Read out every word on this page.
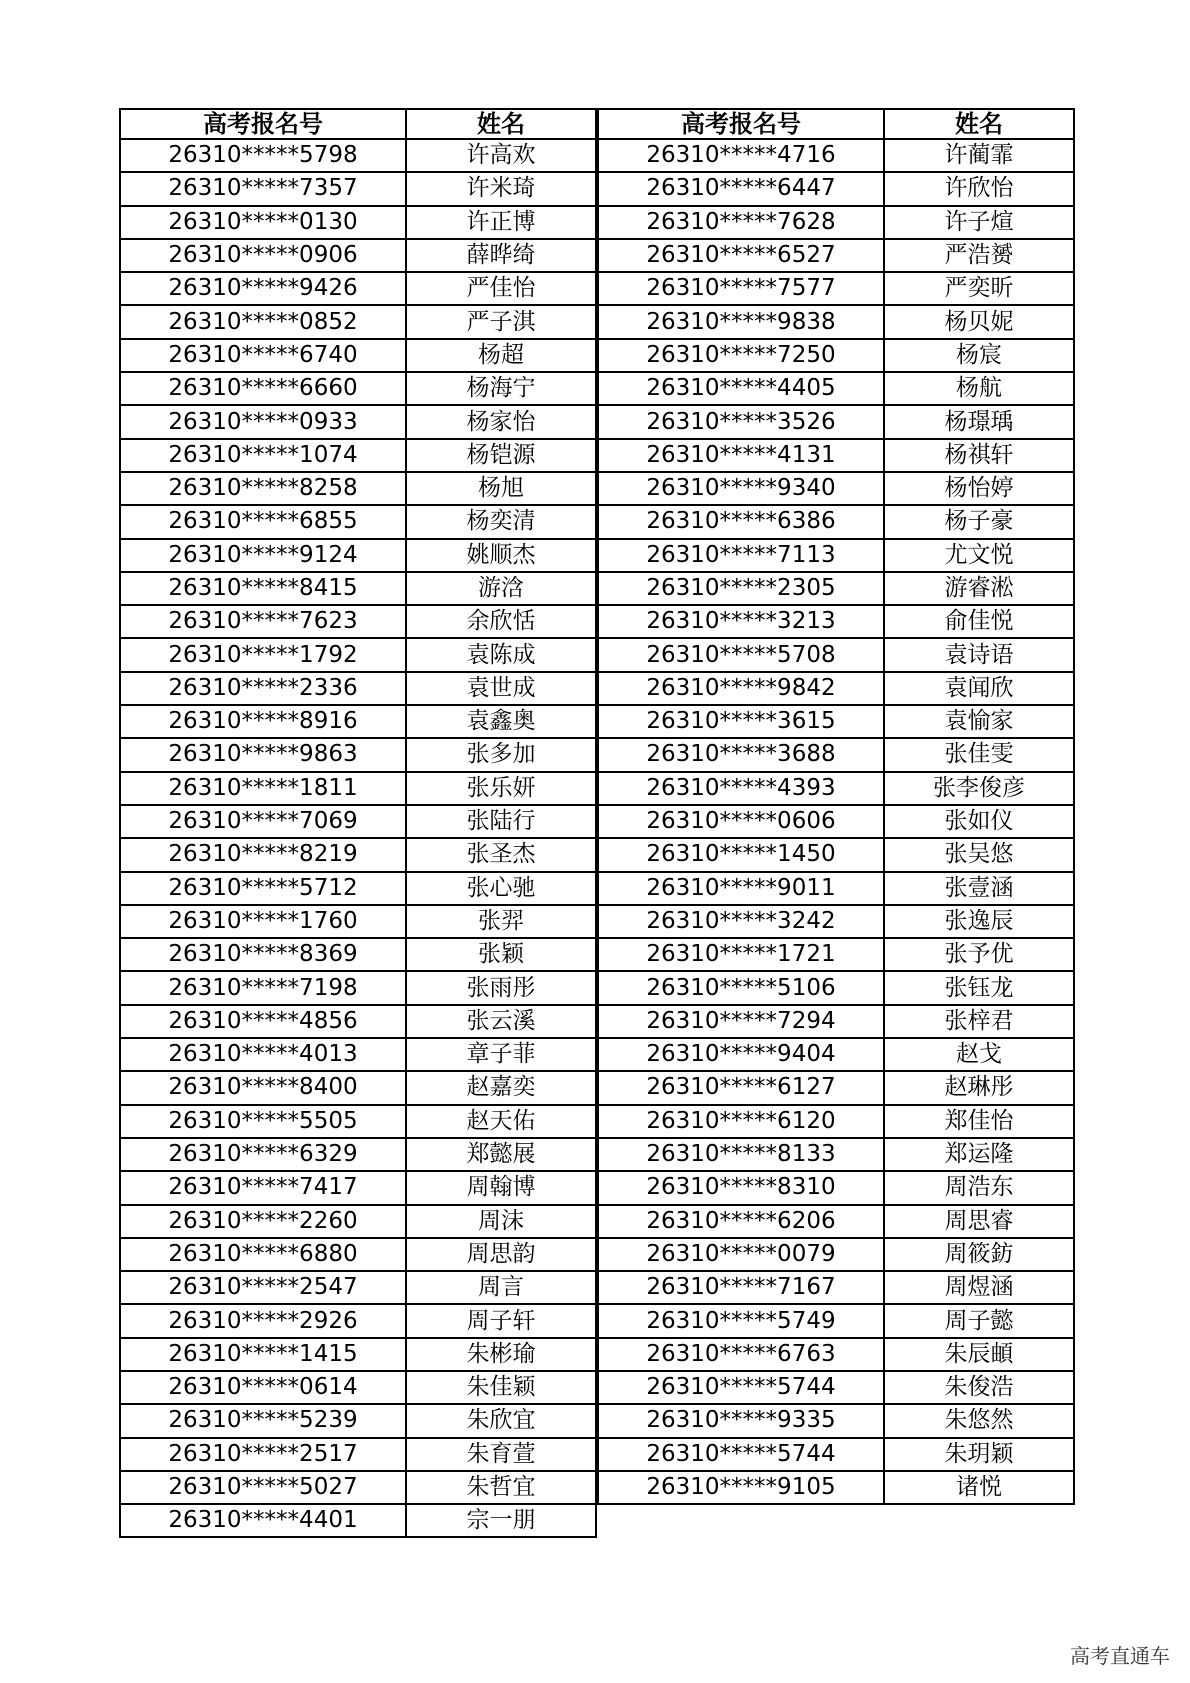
高考报名号	姓名	高考报名号	姓名
26310*****5798	许高欢	26310*****4716	许蔺霏
26310*****7357	许米琦	26310*****6447	许欣怡
26310*****0130	许正博	26310*****7628	许子煊
26310*****0906	薛晔绮	26310*****6527	严浩赟
26310*****9426	严佳怡	26310*****7577	严奕昕
26310*****0852	严子淇	26310*****9838	杨贝妮
26310*****6740	杨超	26310*****7250	杨宸
26310*****6660	杨海宁	26310*****4405	杨航
26310*****0933	杨家怡	26310*****3526	杨璟瑀
26310*****1074	杨铠源	26310*****4131	杨祺轩
26310*****8258	杨旭	26310*****9340	杨怡婷
26310*****6855	杨奕清	26310*****6386	杨子豪
26310*****9124	姚顺杰	26310*****7113	尤文悦
26310*****8415	游浛	26310*****2305	游睿淞
26310*****7623	余欣恬	26310*****3213	俞佳悦
26310*****1792	袁陈成	26310*****5708	袁诗语
26310*****2336	袁世成	26310*****9842	袁闻欣
26310*****8916	袁鑫奥	26310*****3615	袁愉家
26310*****9863	张多加	26310*****3688	张佳雯
26310*****1811	张乐妍	26310*****4393	张李俊彦
26310*****7069	张陆行	26310*****0606	张如仪
26310*****8219	张圣杰	26310*****1450	张吴悠
26310*****5712	张心驰	26310*****9011	张壹涵
26310*****1760	张羿	26310*****3242	张逸辰
26310*****8369	张颖	26310*****1721	张予优
26310*****7198	张雨彤	26310*****5106	张钰龙
26310*****4856	张云溪	26310*****7294	张梓君
26310*****4013	章子菲	26310*****9404	赵戈
26310*****8400	赵嘉奕	26310*****6127	赵琳彤
26310*****5505	赵天佑	26310*****6120	郑佳怡
26310*****6329	郑懿展	26310*****8133	郑运隆
26310*****7417	周翰博	26310*****8310	周浩东
26310*****2260	周沫	26310*****6206	周思睿
26310*****6880	周思韵	26310*****0079	周筱鈁
26310*****2547	周言	26310*****7167	周煜涵
26310*****2926	周子轩	26310*****5749	周子懿
26310*****1415	朱彬瑜	26310*****6763	朱辰頔
26310*****0614	朱佳颖	26310*****5744	朱俊浩
26310*****5239	朱欣宜	26310*****9335	朱悠然
26310*****2517	朱育萱	26310*****5744	朱玥颖
26310*****5027	朱哲宜	26310*****9105	诸悦
26310*****4401	宗一朋
高考直通车
